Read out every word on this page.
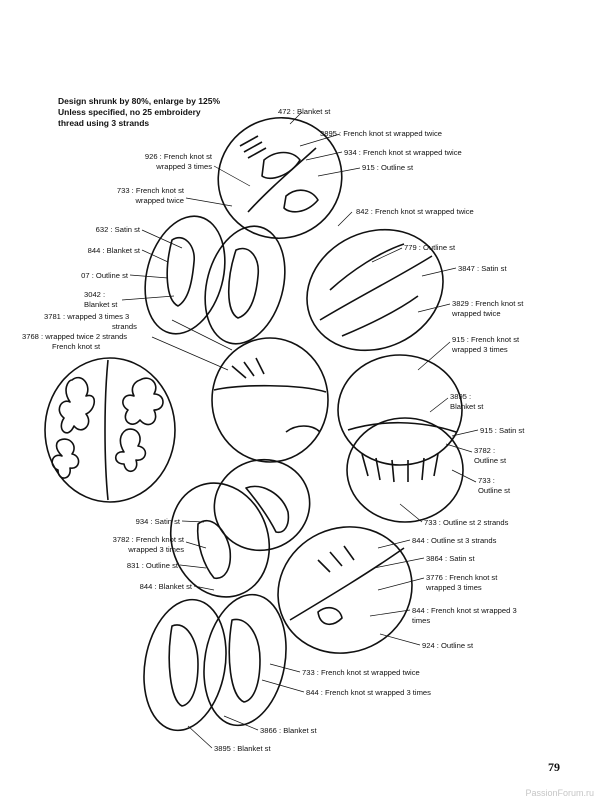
Design shrunk by 80%, enlarge by 125%
Unless specified, no 25 embroidery
thread using 3 strands
472 : Blanket st
3895 : French knot st wrapped twice
934 : French knot st wrapped twice
915 : Outline st
926 : French knot st
wrapped 3 times
733 : French knot st
wrapped twice
842 : French knot st wrapped twice
632 : Satin st
779 : Outline st
844 : Blanket st
3847 : Satin st
07 : Outline st
3042 :
Blanket st	3829 : French knot st
wrapped twice
3781 : wrapped 3 times 3
strands
3768 : wrapped twice 2 strands
French knot st
915 : French knot st
wrapped 3 times
3895 :
Blanket st
915 : Satin st
3782 :
Outline st
733 :
Outline st
934 : Satin st	733 : Outline st 2 strands
3782 : French knot st
wrapped 3 times
844 : Outline st 3 strands
831 : Outline st
3864 : Satin st
844 : Blanket st
3776 : French knot st
wrapped 3 times
844 : French knot st wrapped 3
times
924 : Outline st
733 : French knot st wrapped twice
844 : French knot st wrapped 3 times
3866 : Blanket st
3895 : Blanket st
79
PassionForum.ru
